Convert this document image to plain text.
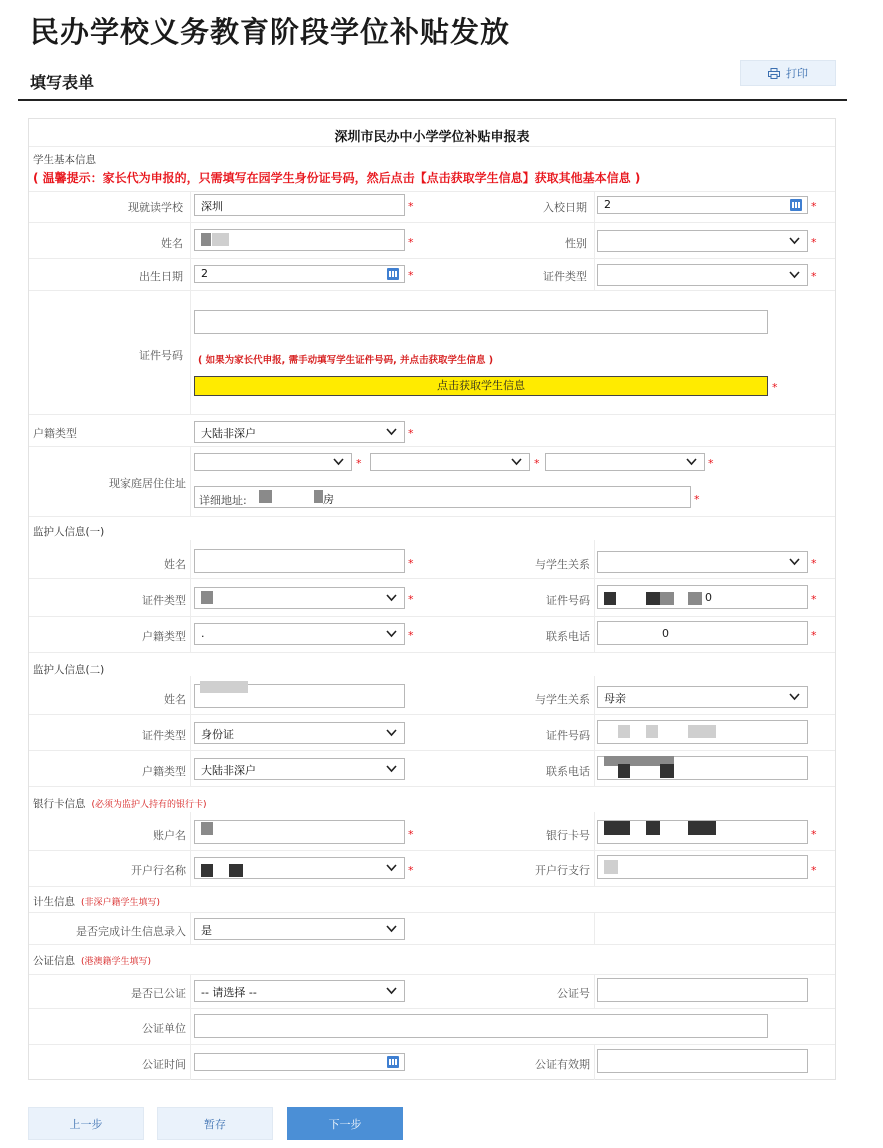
民办学校义务教育阶段学位补贴发放
填写表单	打印
深圳市民办中小学学位补贴申报表
学生基本信息
( 温馨提示：家长代为申报的，只需填写在园学生身份证号码，然后点击【点击获取学生信息】获取其他基本信息 )
现就读学校	深圳	*	入校日期	2	*
姓名	*	性别	*
出生日期	2	*	证件类型	*
证件号码 ( 如果为家长代申报, 需手动填写学生证件号码, 并点击获取学生信息 )
点击获取学生信息	*
户籍类型	大陆非深户	*
现家庭居住住址
*	*	*
详细地址:	房	*
监护人信息(一)
姓名	*	与学生关系	*
证件类型	*	证件号码	0	*
户籍类型	.	*	联系电话	0	*
监护人信息(二)
姓名	与学生关系	母亲
证件类型	身份证	证件号码
户籍类型	大陆非深户	联系电话
银行卡信息 (必须为监护人持有的银行卡)
账户名	*	银行卡号	*
开户行名称	*	开户行支行	*
计生信息 (非深户籍学生填写)
是否完成计生信息录入	是
公证信息 (港澳籍学生填写)
是否已公证	-- 请选择 --	公证号
公证单位
公证时间	公证有效期
上一步	暂存	下一步
